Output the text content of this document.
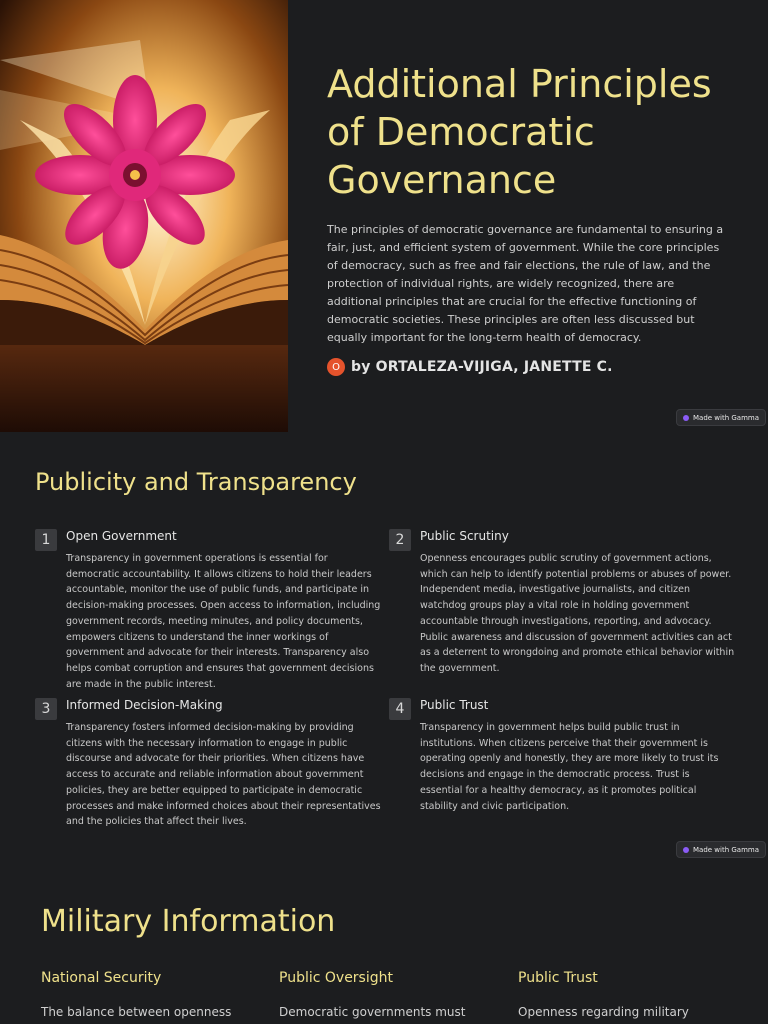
Additional Principles of Democratic Governance

The principles of democratic governance are fundamental to ensuring a fair, just, and efficient system of government. While the core principles of democracy, such as free and fair elections, the rule of law, and the protection of individual rights, are widely recognized, there are additional principles that are crucial for the effective functioning of democratic societies. These principles are often less discussed but equally important for the long-term health of democracy.

O by ORTALEZA-VIJIGA, JANETTE C.
Made with Gamma
Publicity and Transparency
1	Open Government
Transparency in government operations is essential for democratic accountability. It allows citizens to hold their leaders accountable, monitor the use of public funds, and participate in decision-making processes. Open access to information, including government records, meeting minutes, and policy documents, empowers citizens to understand the inner workings of government and advocate for their interests. Transparency also helps combat corruption and ensures that government decisions are made in the public interest.
2	Public Scrutiny
Openness encourages public scrutiny of government actions, which can help to identify potential problems or abuses of power. Independent media, investigative journalists, and citizen watchdog groups play a vital role in holding government accountable through investigations, reporting, and advocacy. Public awareness and discussion of government activities can act as a deterrent to wrongdoing and promote ethical behavior within the government.
3	Informed Decision-Making
Transparency fosters informed decision-making by providing citizens with the necessary information to engage in public discourse and advocate for their priorities. When citizens have access to accurate and reliable information about government policies, they are better equipped to participate in democratic processes and make informed choices about their representatives and the policies that affect their lives.
4	Public Trust
Transparency in government helps build public trust in institutions. When citizens perceive that their government is operating openly and honestly, they are more likely to trust its decisions and engage in the democratic process. Trust is essential for a healthy democracy, as it promotes political stability and civic participation.
Made with Gamma
Military Information
National Security
The balance between openness
Public Oversight
Democratic governments must
Public Trust
Openness regarding military
